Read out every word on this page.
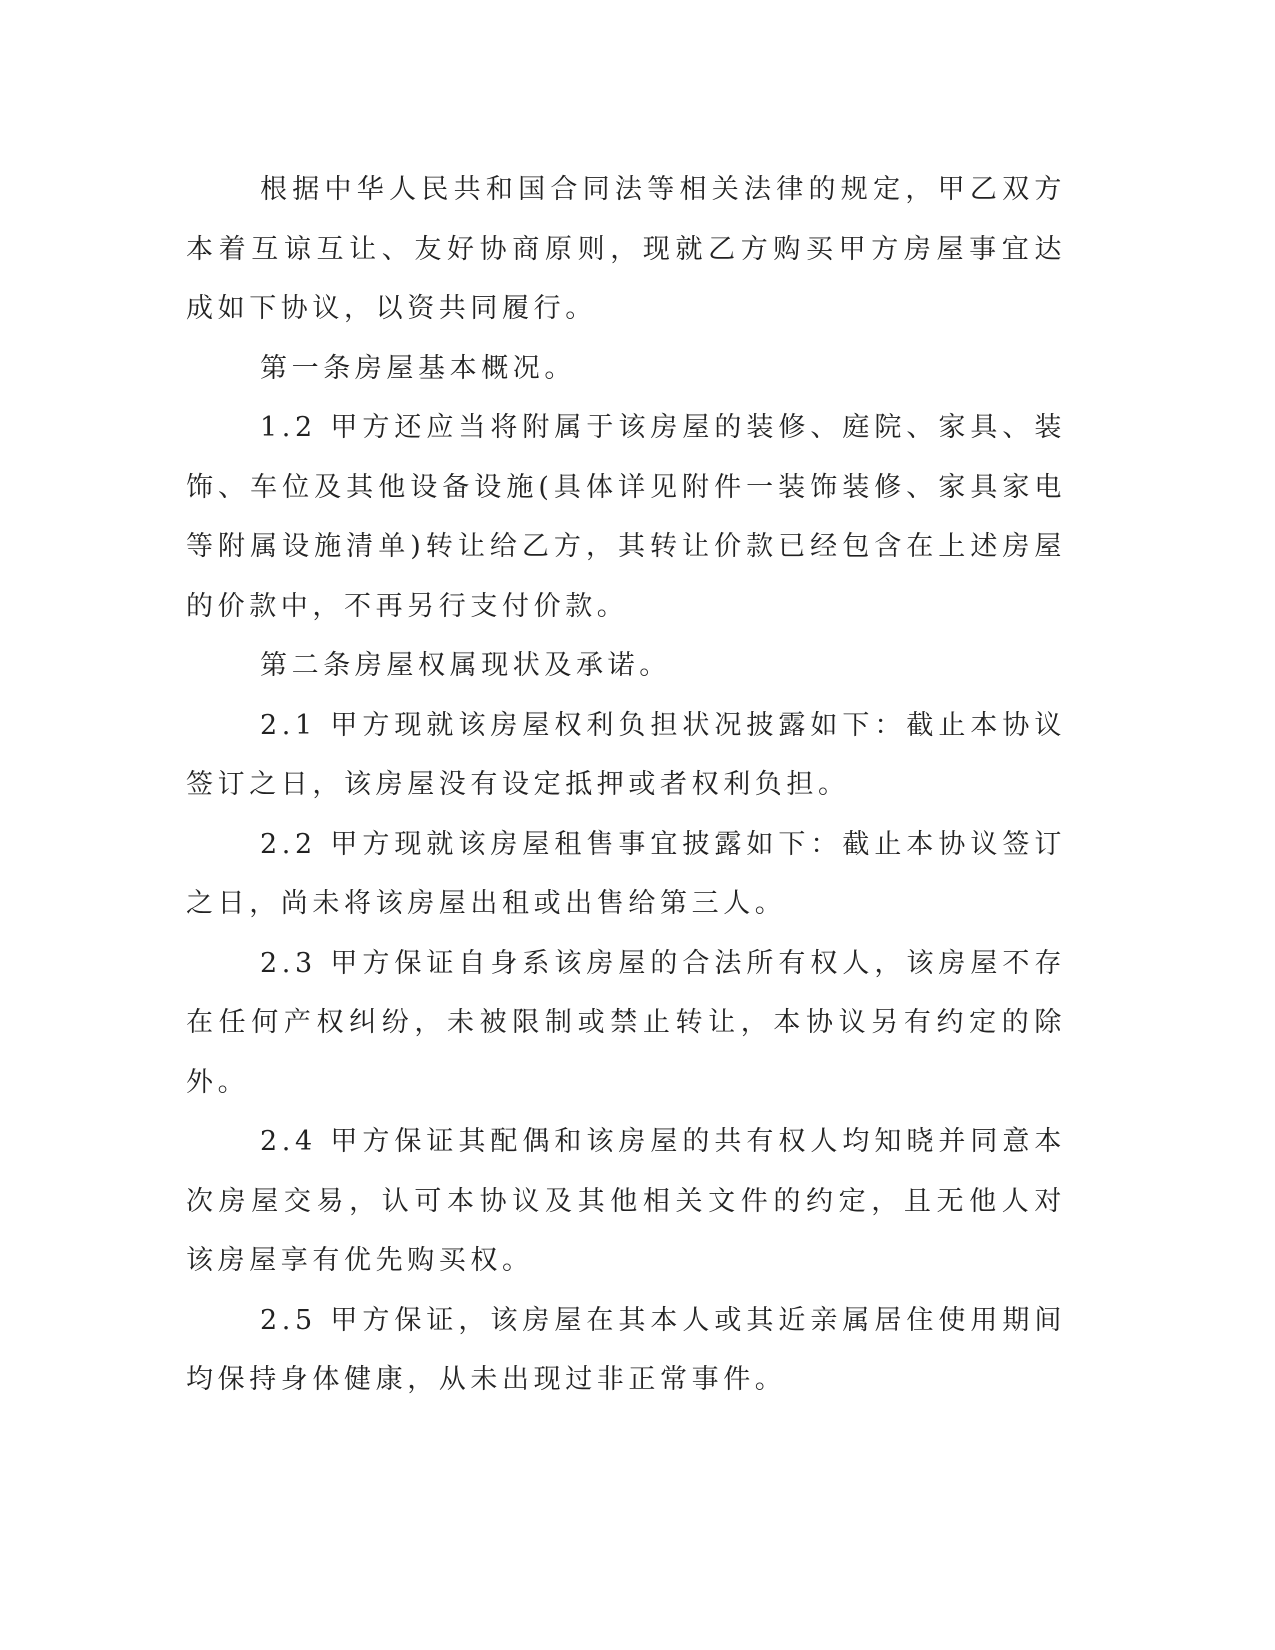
根据中华人民共和国合同法等相关法律的规定，甲乙双方本着互谅互让、友好协商原则，现就乙方购买甲方房屋事宜达成如下协议，以资共同履行。

第一条房屋基本概况。

1.2 甲方还应当将附属于该房屋的装修、庭院、家具、装饰、车位及其他设备设施(具体详见附件一装饰装修、家具家电等附属设施清单)转让给乙方，其转让价款已经包含在上述房屋的价款中，不再另行支付价款。

第二条房屋权属现状及承诺。

2.1 甲方现就该房屋权利负担状况披露如下：截止本协议签订之日，该房屋没有设定抵押或者权利负担。

2.2 甲方现就该房屋租售事宜披露如下：截止本协议签订之日，尚未将该房屋出租或出售给第三人。

2.3 甲方保证自身系该房屋的合法所有权人，该房屋不存在任何产权纠纷，未被限制或禁止转让，本协议另有约定的除外。

2.4 甲方保证其配偶和该房屋的共有权人均知晓并同意本次房屋交易，认可本协议及其他相关文件的约定，且无他人对该房屋享有优先购买权。

2.5 甲方保证，该房屋在其本人或其近亲属居住使用期间均保持身体健康，从未出现过非正常事件。
